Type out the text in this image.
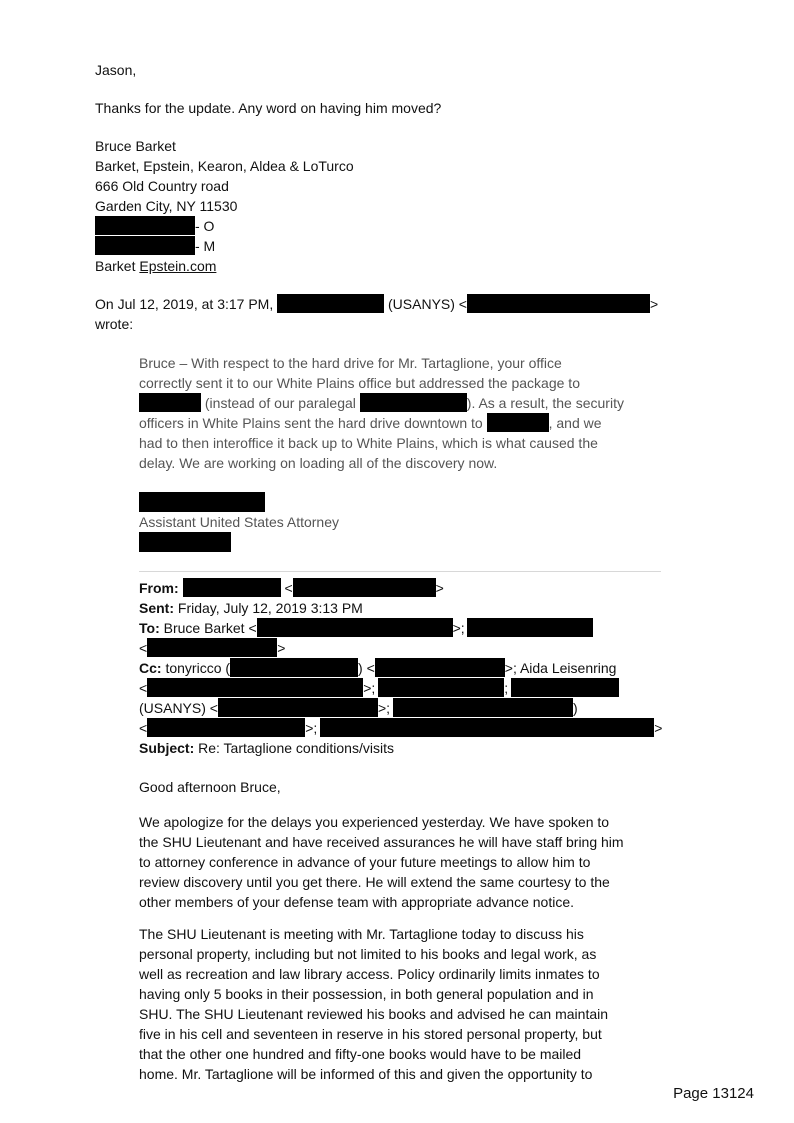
Jason,
Thanks for the update. Any word on having him moved?
Bruce Barket
Barket, Epstein, Kearon, Aldea & LoTurco
666 Old Country road
Garden City, NY 11530
- O
- M
Barket Epstein.com
On Jul 12, 2019, at 3:17 PM,	(USANYS) <	>
wrote:
Bruce – With respect to the hard drive for Mr. Tartaglione, your office
correctly sent it to our White Plains office but addressed the package to
(instead of our paralegal	). As a result, the security
officers in White Plains sent the hard drive downtown to	, and we
had to then interoffice it back up to White Plains, which is what caused the
delay. We are working on loading all of the discovery now.
Assistant United States Attorney
From:	<	>
Sent: Friday, July 12, 2019 3:13 PM
To: Bruce Barket <	>;
<	>
Cc: tonyricco (	) <	>; Aida Leisenring
<	>;	;
(USANYS) <	>;	)
<	>;	>
Subject: Re: Tartaglione conditions/visits
Good afternoon Bruce,
We apologize for the delays you experienced yesterday. We have spoken to
the SHU Lieutenant and have received assurances he will have staff bring him
to attorney conference in advance of your future meetings to allow him to
review discovery until you get there. He will extend the same courtesy to the
other members of your defense team with appropriate advance notice.
The SHU Lieutenant is meeting with Mr. Tartaglione today to discuss his
personal property, including but not limited to his books and legal work, as
well as recreation and law library access. Policy ordinarily limits inmates to
having only 5 books in their possession, in both general population and in
SHU. The SHU Lieutenant reviewed his books and advised he can maintain
five in his cell and seventeen in reserve in his stored personal property, but
that the other one hundred and fifty-one books would have to be mailed
home. Mr. Tartaglione will be informed of this and given the opportunity to
Page 13124
